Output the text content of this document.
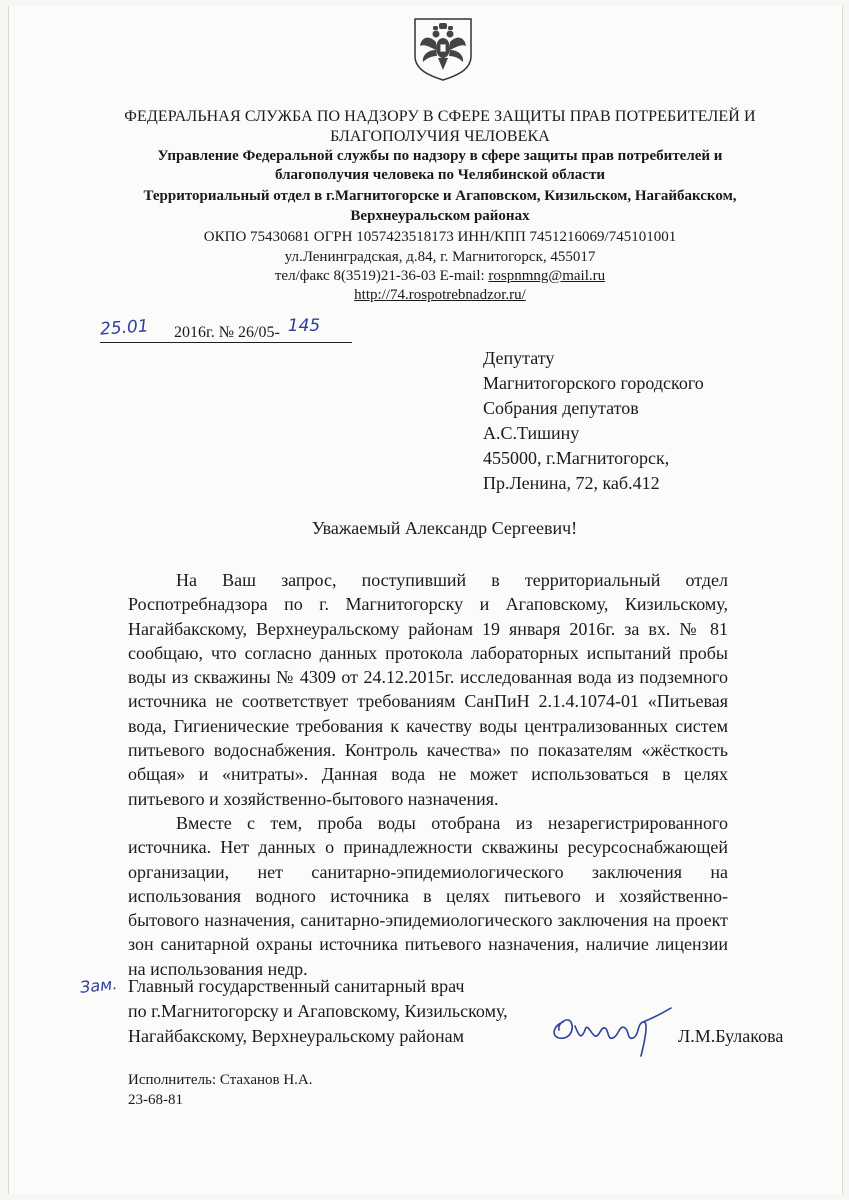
ФЕДЕРАЛЬНАЯ СЛУЖБА ПО НАДЗОРУ В СФЕРЕ ЗАЩИТЫ ПРАВ ПОТРЕБИТЕЛЕЙ И
БЛАГОПОЛУЧИЯ ЧЕЛОВЕКА
Управление Федеральной службы по надзору в сфере защиты прав потребителей и
благополучия человека по Челябинской области
Территориальный отдел в г.Магнитогорске и Агаповском, Кизильском, Нагайбакском,
Верхнеуральском районах
ОКПО 75430681 ОГРН 1057423518173 ИНН/КПП 7451216069/745101001
ул.Ленинградская, д.84, г. Магнитогорск, 455017
тел/факс 8(3519)21-36-03 E-mail: rospnmng@mail.ru
http://74.rospotrebnadzor.ru/
25.01 2016г. № 26/05- 145

Депутату
Магнитогорского городского
Собрания депутатов
А.С.Тишину
455000, г.Магнитогорск,
Пр.Ленина, 72, каб.412
Уважаемый Александр Сергеевич!

На Ваш запрос, поступивший в территориальный отдел Роспотребнадзора по г. Магнитогорску и Агаповскому, Кизильскому, Нагайбакскому, Верхнеуральскому районам 19 января 2016г. за вх. № 81 сообщаю, что согласно данных протокола лабораторных испытаний пробы воды из скважины № 4309 от 24.12.2015г. исследованная вода из подземного источника не соответствует требованиям СанПиН 2.1.4.1074-01 «Питьевая вода, Гигиенические требования к качеству воды централизованных систем питьевого водоснабжения. Контроль качества» по показателям «жёсткость общая» и «нитраты». Данная вода не может использоваться в целях питьевого и хозяйственно-бытового назначения.

Вместе с тем, проба воды отобрана из незарегистрированного источника. Нет данных о принадлежности скважины ресурсоснабжающей организации, нет санитарно-эпидемиологического заключения на использования водного источника в целях питьевого и хозяйственно-бытового назначения, санитарно-эпидемиологического заключения на проект зон санитарной охраны источника питьевого назначения, наличие лицензии на использования недр.

Зам. Главный государственный санитарный врач
по г.Магнитогорску и Агаповскому, Кизильскому,
Нагайбакскому, Верхнеуральскому районам	Л.М.Булакова
Исполнитель: Стаханов Н.А.
23-68-81
